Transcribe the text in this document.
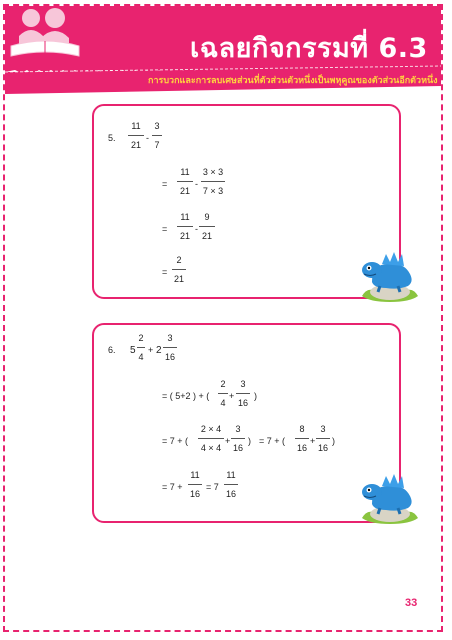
เฉลยกิจกรรมที่ 6.3
การบวกและการลบเศษส่วนที่ตัวส่วนตัวหนึ่งเป็นพหุคูณของตัวส่วนอีกตัวหนึ่ง
5.
11
21
-
3
7
=
11
21
-
3 × 3
7 × 3
=
11
21
-
9
21
=
2
21
6. 5
2
4
+ 2
3
16
= ( 5+2 ) + (
2
4
+
3
16
)
= 7 + (
2 × 4
4 × 4
+
3
16
) = 7 + (
8
16
+
3
16
)
= 7 +
11
16
= 7
11
16
33
